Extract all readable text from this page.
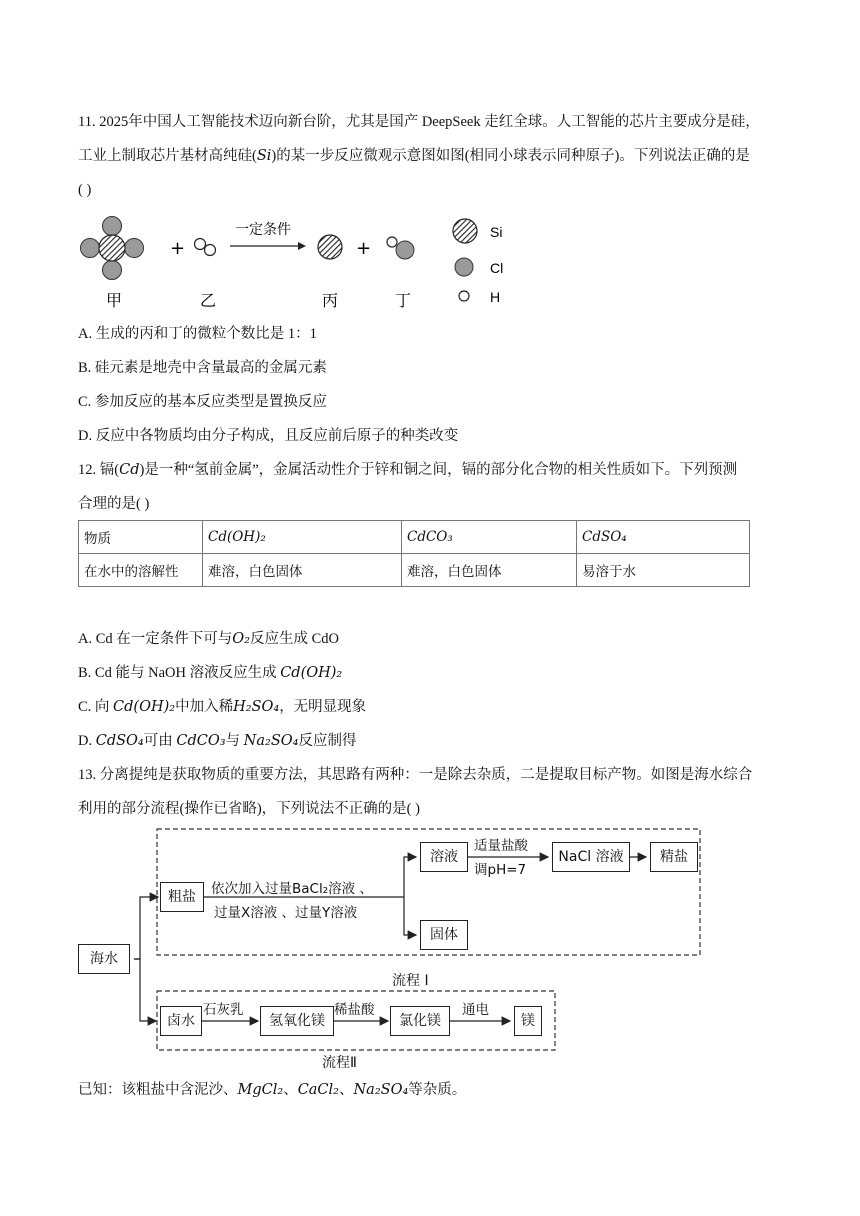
11. 2025年中国人工智能技术迈向新台阶，尤其是国产 DeepSeek 走红全球。人工智能的芯片主要成分是硅，
工业上制取芯片基材高纯硅(Si)的某一步反应微观示意图如图(相同小球表示同种原子)。下列说法正确的是
( )
+
一定条件
+
甲	乙	丙	丁
Si
Cl
H
A. 生成的丙和丁的微粒个数比是 1：1
B. 硅元素是地壳中含量最高的金属元素
C. 参加反应的基本反应类型是置换反应
D. 反应中各物质均由分子构成，且反应前后原子的种类改变
12. 镉(Cd)是一种“氢前金属”，金属活动性介于锌和铜之间，镉的部分化合物的相关性质如下。下列预测
合理的是( )
物质	Cd(OH)₂	CdCO₃	CdSO₄
在水中的溶解性	难溶，白色固体	难溶，白色固体	易溶于水
A. Cd 在一定条件下可与O₂反应生成 CdO
B. Cd 能与 NaOH 溶液反应生成 Cd(OH)₂
C. 向 Cd(OH)₂中加入稀H₂SO₄，无明显现象
D. CdSO₄可由 CdCO₃与 Na₂SO₄反应制得
13. 分离提纯是获取物质的重要方法，其思路有两种：一是除去杂质，二是提取目标产物。如图是海水综合
利用的部分流程(操作已省略)，下列说法不正确的是( )
海水
粗盐	依次加入过量BaCl₂溶液 、
过量X溶液 、过量Y溶液
溶液
适量盐酸
调pH=7
NaCl 溶液	精盐
固体
流程 I
卤水
石灰乳
氢氧化镁
稀盐酸
氯化镁
通电
镁
流程Ⅱ
已知：该粗盐中含泥沙、MgCl₂、CaCl₂、Na₂SO₄等杂质。
